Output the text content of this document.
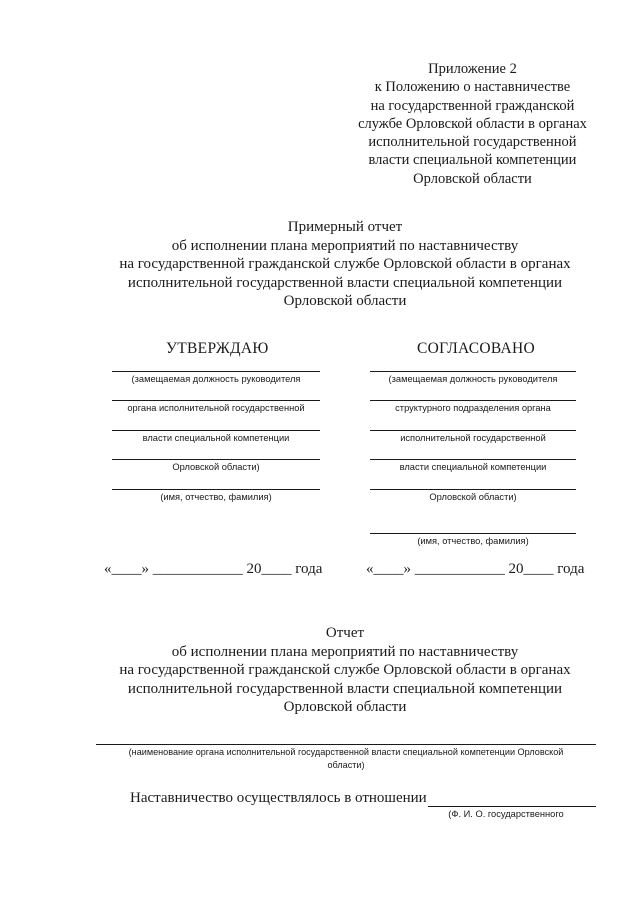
Приложение 2
к Положению о наставничестве
на государственной гражданской
службе Орловской области в органах
исполнительной государственной
власти специальной компетенции
Орловской области
Примерный отчет
об исполнении плана мероприятий по наставничеству
на государственной гражданской службе Орловской области в органах
исполнительной государственной власти специальной компетенции
Орловской области
УТВЕРЖДАЮ	СОГЛАСОВАНО
(замещаемая должность руководителя
органа исполнительной государственной
власти специальной компетенции
Орловской области)
(имя, отчество, фамилия)
«____» ____________ 20____ года
(замещаемая должность руководителя
структурного подразделения органа
исполнительной государственной
власти специальной компетенции
Орловской области)
(имя, отчество, фамилия)
«____» ____________ 20____ года
Отчет
об исполнении плана мероприятий по наставничеству
на государственной гражданской службе Орловской области в органах
исполнительной государственной власти специальной компетенции
Орловской области
(наименование органа исполнительной государственной власти специальной компетенции Орловской
области)
Наставничество осуществлялось в отношении
(Ф. И. О. государственного
